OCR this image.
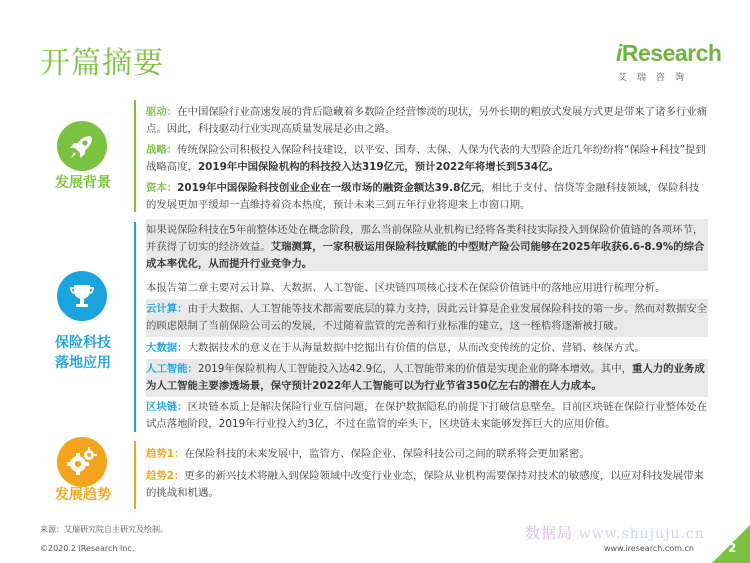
开篇摘要	iResearch
艾瑞咨询
发展背景
驱动：在中国保险行业高速发展的背后隐藏着多数险企经营惨淡的现状，另外长期的粗放式发展方式更是带来了诸多行业痛点。因此，科技驱动行业实现高质量发展是必由之路。
战略：传统保险公司积极投入保险科技建设，以平安、国寿、太保、人保为代表的大型险企近几年纷纷将“保险+科技”提到战略高度，2019年中国保险机构的科技投入达319亿元，预计2022年将增长到534亿。
资本：2019年中国保险科技创业企业在一级市场的融资金额达39.8亿元，相比于支付、信贷等金融科技领域，保险科技的发展更加平缓却一直维持着资本热度，预计未来三到五年行业将迎来上市窗口期。
保险科技
落地应用
如果说保险科技在5年前整体还处在概念阶段，那么当前保险从业机构已经将各类科技实际投入到保险价值链的各项环节，并获得了切实的经济效益。艾瑞测算，一家积极运用保险科技赋能的中型财产险公司能够在2025年收获6.6-8.9%的综合成本率优化，从而提升行业竞争力。
本报告第二章主要对云计算、大数据、人工智能、区块链四项核心技术在保险价值链中的落地应用进行梳理分析。
云计算：由于大数据、人工智能等技术都需要底层的算力支持，因此云计算是企业发展保险科技的第一步。然而对数据安全的顾虑限制了当前保险公司云的发展，不过随着监管的完善和行业标准的建立，这一桎梏将逐渐被打破。
大数据：大数据技术的意义在于从海量数据中挖掘出有价值的信息，从而改变传统的定价、营销、核保方式。
人工智能：2019年保险机构人工智能投入达42.9亿，人工智能带来的价值是实现企业的降本增效。其中，重人力的业务成为人工智能主要渗透场景，保守预计2022年人工智能可以为行业节省350亿左右的潜在人力成本。
区块链：区块链本质上是解决保险行业互信问题，在保护数据隐私的前提下打破信息壁垒。目前区块链在保险行业整体处在试点落地阶段，2019年行业投入约3亿，不过在监管的牵头下，区块链未来能够发挥巨大的应用价值。
发展趋势
趋势1：在保险科技的未来发展中，监管方、保险企业、保险科技公司之间的联系将会更加紧密。
趋势2：更多的新兴技术将融入到保险领域中改变行业业态，保险从业机构需要保持对技术的敏感度，以应对科技发展带来的挑战和机遇。
来源：艾瑞研究院自主研究及绘制。	数据局 www.shujuju.cn
©2020.2 iResearch Inc.	www.iresearch.com.cn	2
